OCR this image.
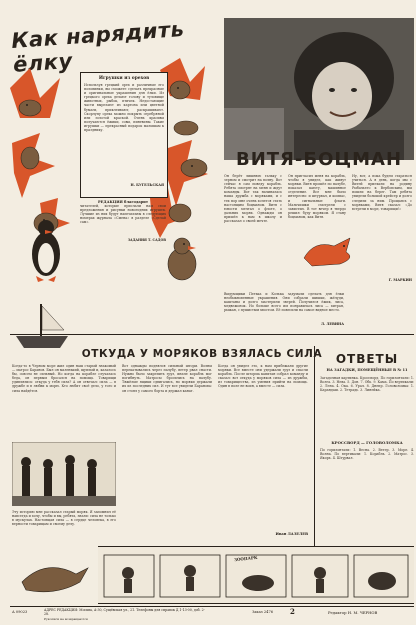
Как нарядить ёлку
Игрушки из орехов
Используя грецкий орех и различные его половинки, вы сможете сделать прекрасные и оригинальные украшения для ёлки. Из грецкого ореха делают голову и туловище животных, рыбок, птичек. Недостающие части вырезают из картона или цветной бумаги, приклеивают, раскрашивают. Скорлупу ореха можно покрыть серебряной или золотой краской. Очень красивы получаются ёжики, совы, пингвины. Такие игрушки — прекрасный подарок малышам к празднику.
Н. БУГЕЛЬСКАЯ
РЕДАКЦИЯ благодарит
читателей, которые прислали нам свои предложения и рисунки новогодних игрушек. Лучшие из них будут напечатаны в следующих номерах журнала «Смена» в разделе «Сделай сам».
ЗАДАНИЯ Т. САДОВ
ВИТЯ-БОЦМАН
Он берёт лишнюю гальку с зерном и смотрит на волну. Вот сейчас я сам поведу корабль. Ребята смотрят на меня и ждут команды. Вот так начиналась наша дружба с моряками, и с тех пор мне очень хочется стать настоящим боцманом. Витя с юности мечтал о флоте, о дальних морях. Однажды он пришёл к нам в школу и рассказал о своей мечте.
Он пригласил меня на корабль, чтобы я увидел, как живут моряки. Витя прошёл по палубе, показал каюту, машинное отделение. Все мне было интересно: и штурвал, и компас, и сигнальные флаги. Мальчишки смотрели с завистью. В тот вечер я твердо решил: буду моряком. Я стану боцманом, как Витя.
Ну, вот, а пока будем стараться учиться. А в день, когда мы с Витей приехали на родину Рыбачьего к Вербовским, мы пошли на берег. Там ребята увидели большой крейсер и долго следили за ним. Прощаясь с моряками, Витя сказал: «До встречи в море, товарищи!»
Г. МАРКИН
Выдумщики Петька и Колька задумали сделать для ёлки необыкновенные украшения. Они собрали шишки, жёлуди, каштаны и долго мастерили зверей. Получился ёжик, лиса, медвежонок. Но больше всего им понравилась лиса — хитрая, рыжая, с пушистым хвостом. Её повесили на самое видное место.
Л. ЛЕВИНА
ОТКУДА У МОРЯКОВ ВЗЯЛАСЬ СИЛА
Когда-то в Черном море жил один наш старый знакомый — матрос Баранов. Был он маленький, щуплый и, казалось бы, совсем не сильный. Но когда на корабле случалась беда, он первым бросался на помощь. Товарищи удивлялись: откуда у тебя сила? А он отвечал: сила — в дружбе и в любви к морю. Кто любит своё дело, у того и сила найдётся.
Вот однажды поднялся сильный шторм. Волны перекатывались через палубу, ветер рвал снасти. Нужно было закрепить груз, иначе корабль мог погибнуть. Матросы бросились на палубу. Тяжёлые ящики сдвигались, но моряки держали их из последних сил. И тут все увидели Баранова: он стоял у самого борта и держал канат.
Когда он увидел это, к нам прибежали другие моряки. Все вместе они удержали груз и спасли корабль. После шторма капитан собрал команду и сказал: вот откуда у моряков сила — из дружбы, из товарищества, из умения прийти на помощь. Один в поле не воин, а вместе — сила.
Эту историю мне рассказал старый моряк. Я запомнил её навсегда и хочу, чтобы и вы, ребята, знали: сила не только в мускулах. Настоящая сила — в сердце человека, в его верности товарищам и своему делу.
Иван ЛАЗЕЛЕВ
ОТВЕТЫ
НА ЗАГАДКИ, ПОМЕЩЁННЫЕ В № 11
Загадочная картинка. Кроссворд. По горизонтали: 1. Волга. 3. Нева. 5. Дон. 7. Обь. 9. Кама. По вертикали: 2. Лена. 4. Ока. 6. Урал. 8. Днепр. Головоломка: 1. Карандаш. 2. Тетрадь. 3. Линейка.
КРОССВОРД — ГОЛОВОЛОМКА
По горизонтали: 1. Весна. 2. Ветер. 3. Море. 4. Волна. По вертикали: 1. Корабль. 2. Матрос. 3. Якорь. 4. Штурвал.
ЗООПАРК
А 09023	АДРЕС РЕДАКЦИИ: Москва, А-30, Сущёвская ул., 21. Телефоны для справок Д 1-13-00, доб. 2-28.
Рукописи не возвращаются
Заказ 2476 2	Редактор Н. М. ЧЕРНОВ
